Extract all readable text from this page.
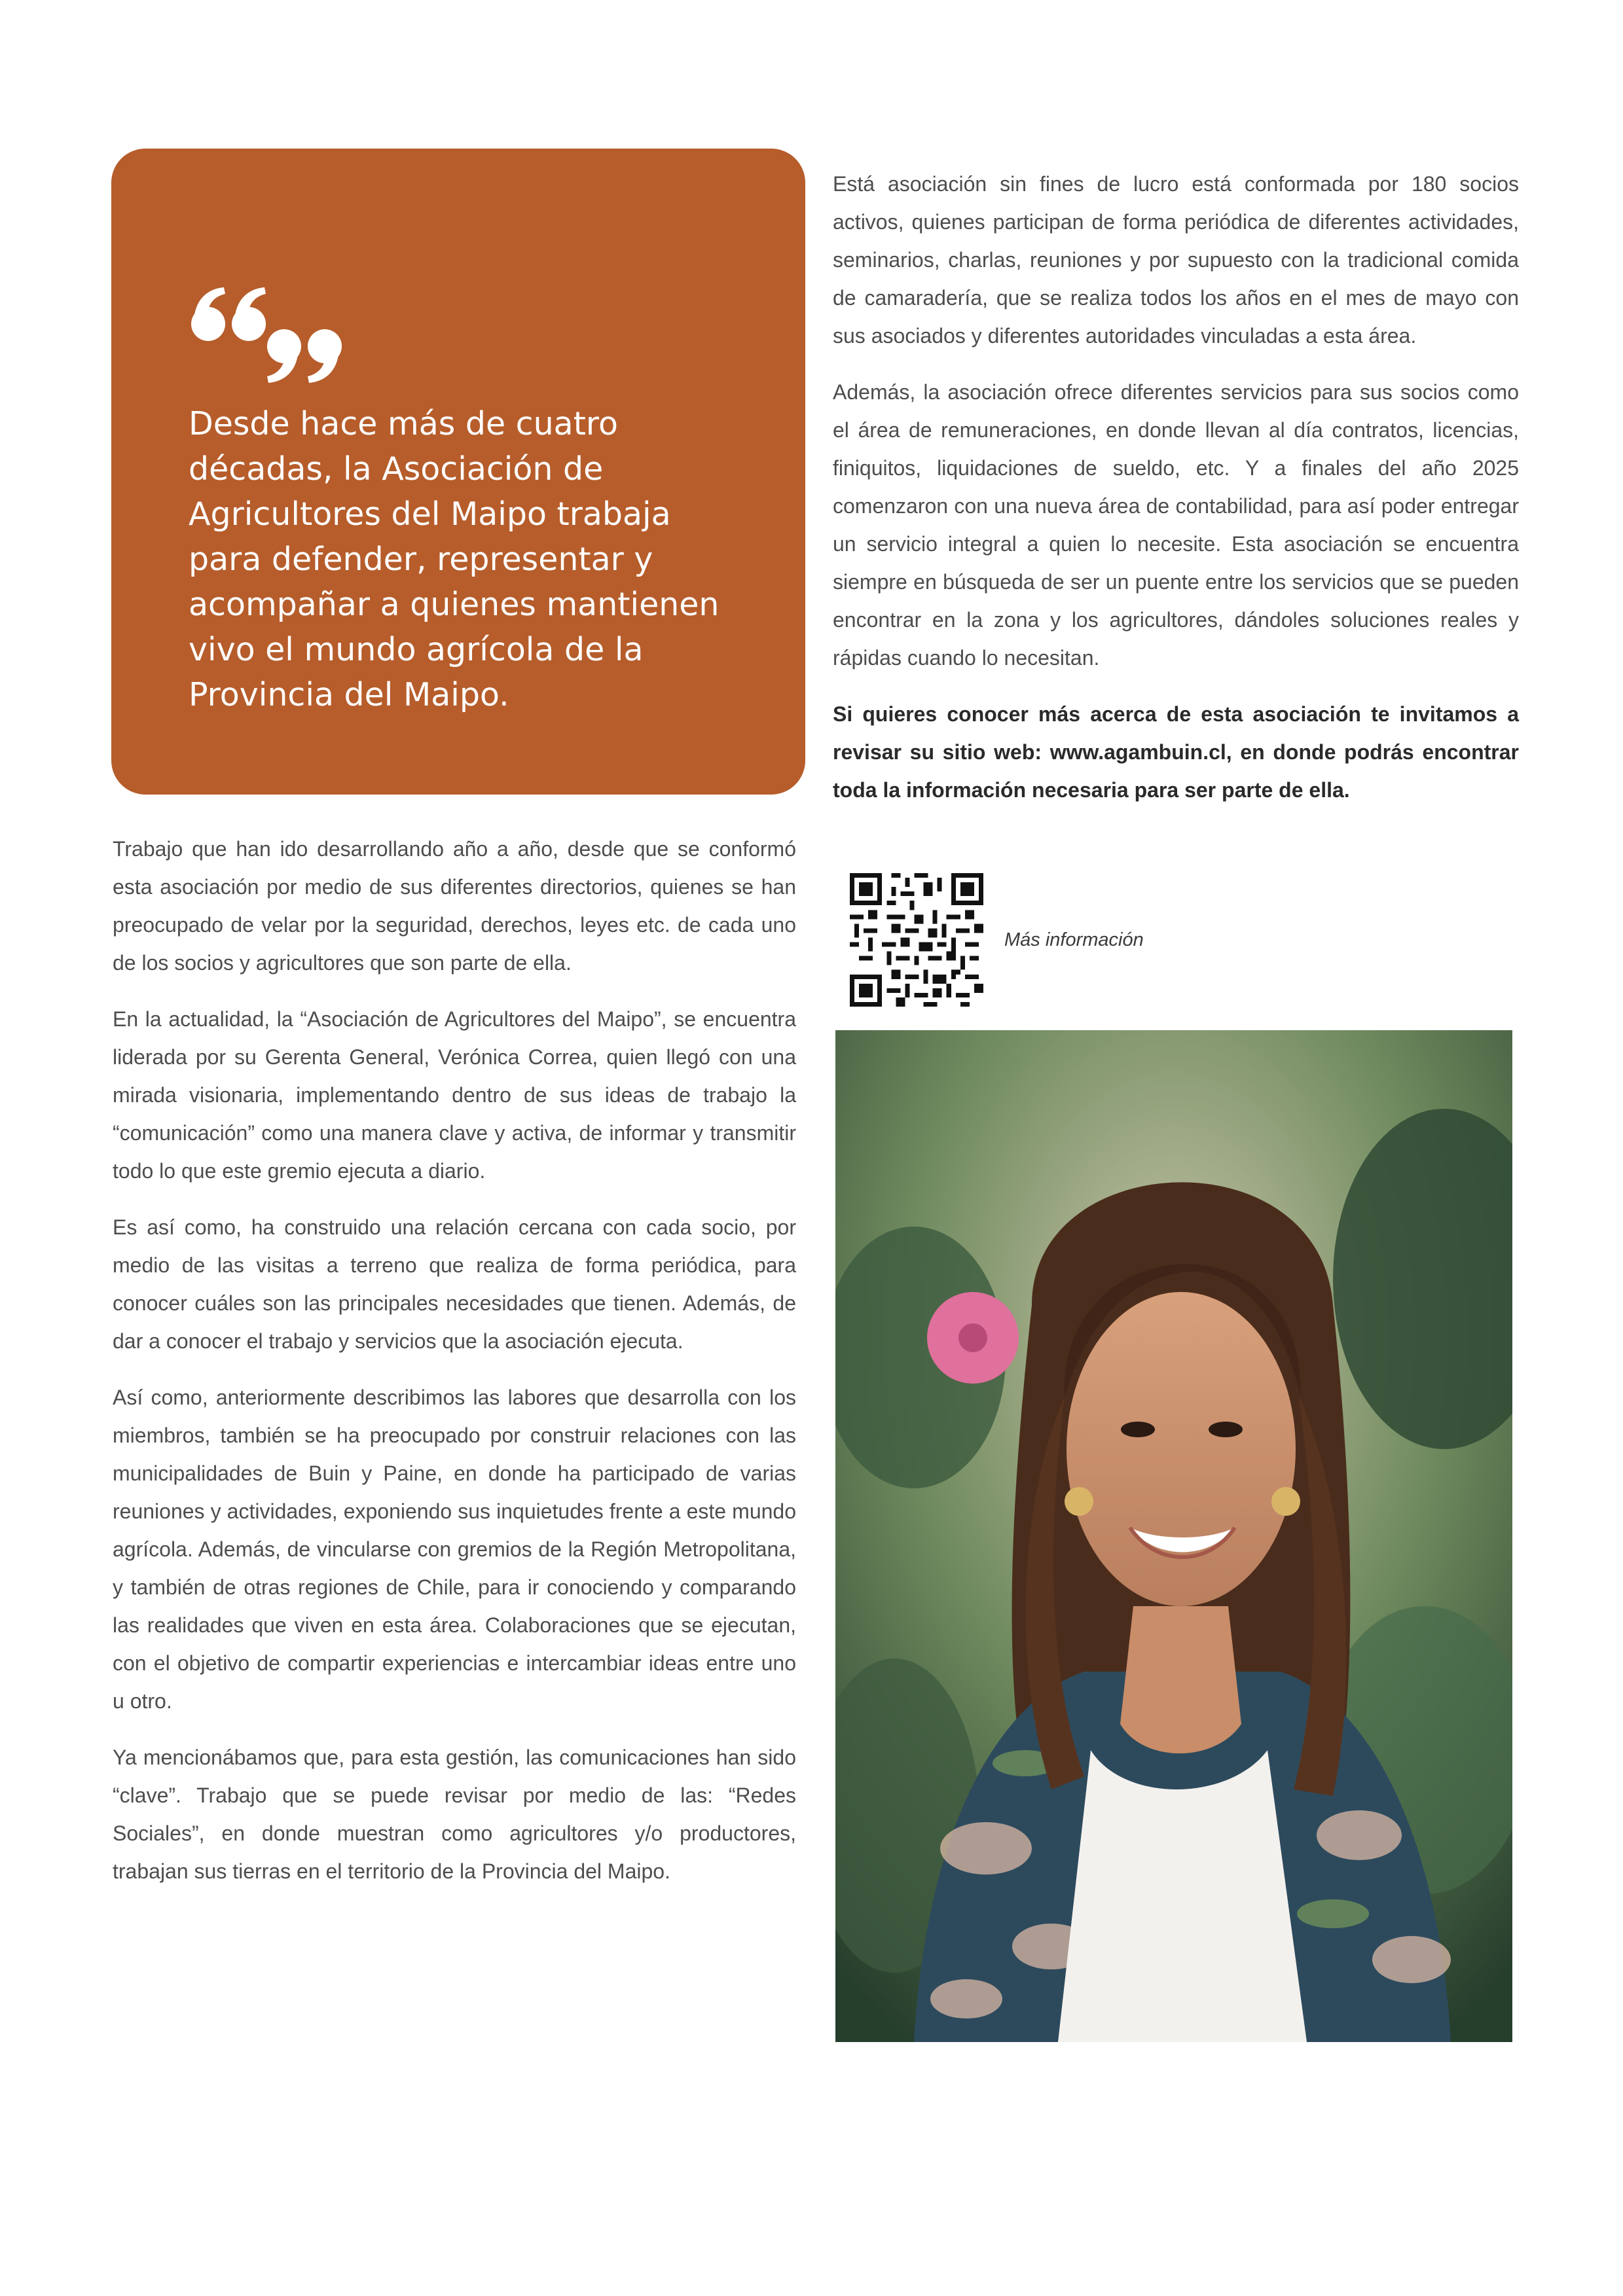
Desde hace más de cuatro décadas, la Asociación de Agricultores del Maipo trabaja para defender, representar y acompañar a quienes mantienen vivo el mundo agrícola de la Provincia del Maipo.

Trabajo que han ido desarrollando año a año, desde que se conformó esta asociación por medio de sus diferentes directorios, quienes se han preocupado de velar por la seguridad, derechos, leyes etc. de cada uno de los socios y agricultores que son parte de ella.

En la actualidad, la “Asociación de Agricultores del Maipo”, se encuentra liderada por su Gerenta General, Verónica Correa, quien llegó con una mirada visionaria, implementando dentro de sus ideas de trabajo la “comunicación” como una manera clave y activa, de informar y transmitir todo lo que este gremio ejecuta a diario.

Es así como, ha construido una relación cercana con cada socio, por medio de las visitas a terreno que realiza de forma periódica, para conocer cuáles son las principales necesidades que tienen. Además, de dar a conocer el trabajo y servicios que la asociación ejecuta.

Así como, anteriormente describimos las labores que desarrolla con los miembros, también se ha preocupado por construir relaciones con las municipalidades de Buin y Paine, en donde ha participado de varias reuniones y actividades, exponiendo sus inquietudes frente a este mundo agrícola. Además, de vincularse con gremios de la Región Metropolitana, y también de otras regiones de Chile, para ir conociendo y comparando las realidades que viven en esta área. Colaboraciones que se ejecutan, con el objetivo de compartir experiencias e intercambiar ideas entre uno u otro.

Ya mencionábamos que, para esta gestión, las comunicaciones han sido “clave”. Trabajo que se puede revisar por medio de las: “Redes Sociales”, en donde muestran como agricultores y/o productores, trabajan sus tierras en el territorio de la Provincia del Maipo.

Está asociación sin fines de lucro está conformada por 180 socios activos, quienes participan de forma periódica de diferentes actividades, seminarios, charlas, reuniones y por supuesto con la tradicional comida de camaradería, que se realiza todos los años en el mes de mayo con sus asociados y diferentes autoridades vinculadas a esta área.

Además, la asociación ofrece diferentes servicios para sus socios como el área de remuneraciones, en donde llevan al día contratos, licencias, finiquitos, liquidaciones de sueldo, etc. Y a finales del año 2025 comenzaron con una nueva área de contabilidad, para así poder entregar un servicio integral a quien lo necesite. Esta asociación se encuentra siempre en búsqueda de ser un puente entre los servicios que se pueden encontrar en la zona y los agricultores, dándoles soluciones reales y rápidas cuando lo necesitan.

Si quieres conocer más acerca de esta asociación te invitamos a revisar su sitio web: www.agambuin.cl, en donde podrás encontrar toda la información necesaria para ser parte de ella.

Más información
